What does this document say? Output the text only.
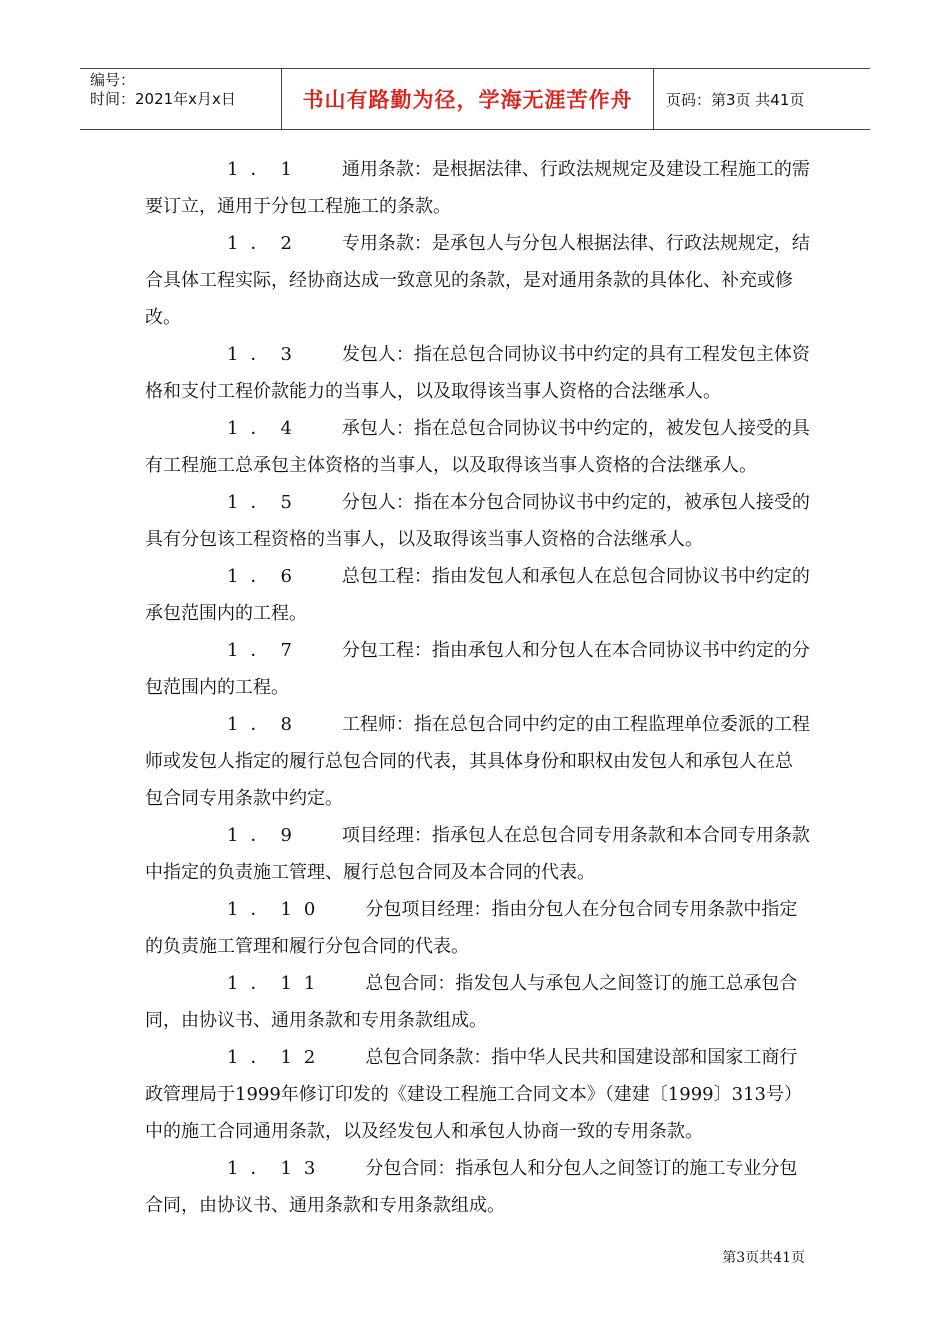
编号：
时间：2021年x月x日	书山有路勤为径，学海无涯苦作舟	页码：第3页 共41页
1．1 通用条款：是根据法律、行政法规规定及建设工程施工的需要订立，通用于分包工程施工的条款。
1．2 专用条款：是承包人与分包人根据法律、行政法规规定，结合具体工程实际，经协商达成一致意见的条款，是对通用条款的具体化、补充或修改。
1．3 发包人：指在总包合同协议书中约定的具有工程发包主体资格和支付工程价款能力的当事人，以及取得该当事人资格的合法继承人。
1．4 承包人：指在总包合同协议书中约定的，被发包人接受的具有工程施工总承包主体资格的当事人，以及取得该当事人资格的合法继承人。
1．5 分包人：指在本分包合同协议书中约定的，被承包人接受的具有分包该工程资格的当事人，以及取得该当事人资格的合法继承人。
1．6 总包工程：指由发包人和承包人在总包合同协议书中约定的承包范围内的工程。
1．7 分包工程：指由承包人和分包人在本合同协议书中约定的分包范围内的工程。
1．8 工程师：指在总包合同中约定的由工程监理单位委派的工程师或发包人指定的履行总包合同的代表，其具体身份和职权由发包人和承包人在总包合同专用条款中约定。
1．9 项目经理：指承包人在总包合同专用条款和本合同专用条款中指定的负责施工管理、履行总包合同及本合同的代表。
1．10 分包项目经理：指由分包人在分包合同专用条款中指定的负责施工管理和履行分包合同的代表。
1．11 总包合同：指发包人与承包人之间签订的施工总承包合同，由协议书、通用条款和专用条款组成。
1．12 总包合同条款：指中华人民共和国建设部和国家工商行政管理局于1999年修订印发的《建设工程施工合同文本》（建建〔1999〕313号）中的施工合同通用条款，以及经发包人和承包人协商一致的专用条款。
1．13 分包合同：指承包人和分包人之间签订的施工专业分包合同，由协议书、通用条款和专用条款组成。
第3页共41页
